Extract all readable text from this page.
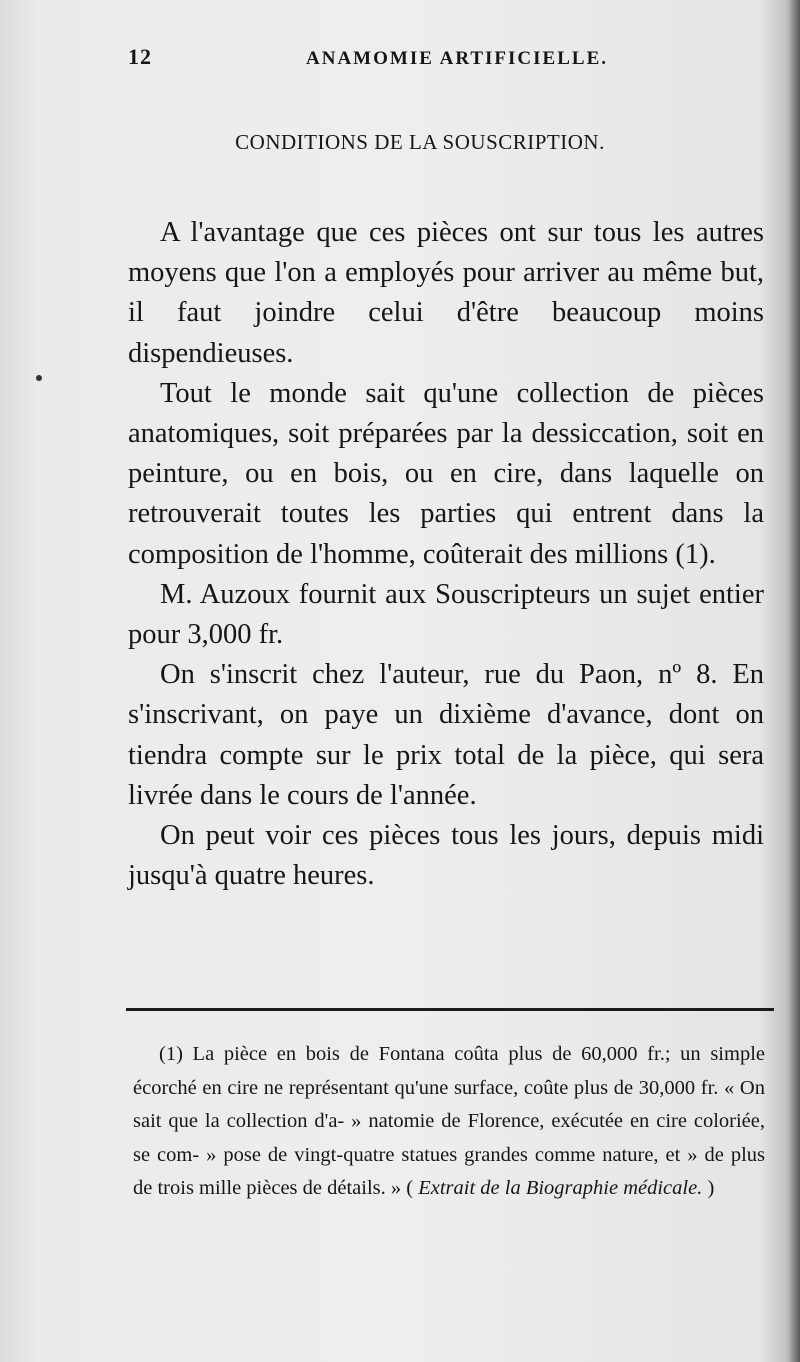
12	ANAMOMIE ARTIFICIELLE.
CONDITIONS DE LA SOUSCRIPTION.

A l'avantage que ces pièces ont sur tous les autres moyens que l'on a employés pour arriver au même but, il faut joindre celui d'être beaucoup moins dispendieuses.

Tout le monde sait qu'une collection de pièces anatomiques, soit préparées par la dessiccation, soit en peinture, ou en bois, ou en cire, dans laquelle on retrouverait toutes les parties qui entrent dans la composition de l'homme, coûterait des millions (1).

M. Auzoux fournit aux Souscripteurs un sujet entier pour 3,000 fr.

On s'inscrit chez l'auteur, rue du Paon, nº 8. En s'inscrivant, on paye un dixième d'avance, dont on tiendra compte sur le prix total de la pièce, qui sera livrée dans le cours de l'année.

On peut voir ces pièces tous les jours, depuis midi jusqu'à quatre heures.

(1) La pièce en bois de Fontana coûta plus de 60,000 fr.; un simple écorché en cire ne représentant qu'une surface, coûte plus de 30,000 fr. « On sait que la collection d'a- » natomie de Florence, exécutée en cire coloriée, se com- » pose de vingt-quatre statues grandes comme nature, et » de plus de trois mille pièces de détails. » ( Extrait de la Biographie médicale. )
